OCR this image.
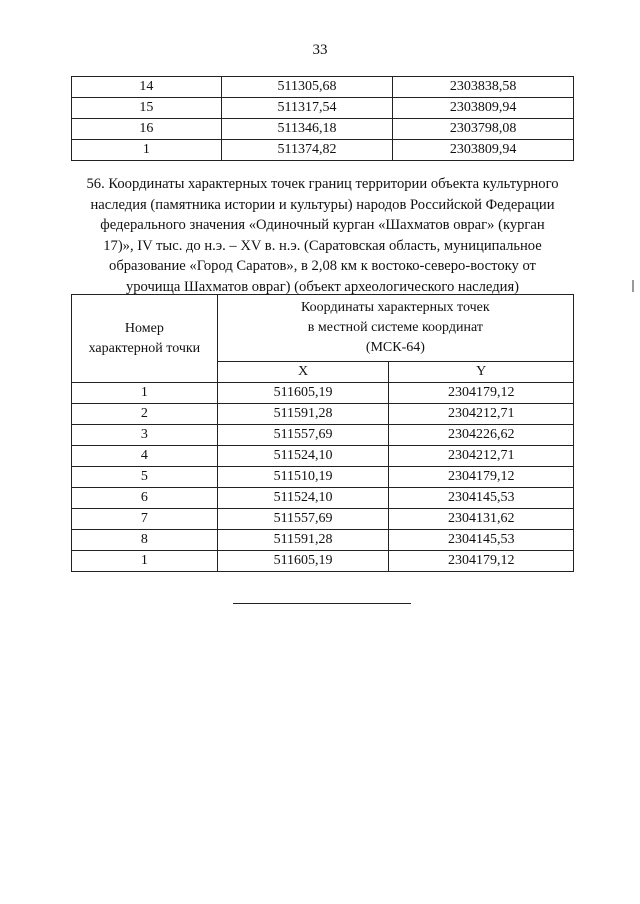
33
14	511305,68	2303838,58
15	511317,54	2303809,94
16	511346,18	2303798,08
1	511374,82	2303809,94
56. Координаты характерных точек границ территории объекта культурного
наследия (памятника истории и культуры) народов Российской Федерации
федерального значения «Одиночный курган «Шахматов овраг» (курган
17)», IV тыс. до н.э. – XV в. н.э. (Саратовская область, муниципальное
образование «Город Саратов», в 2,08 км к востоко-северо-востоку от
урочища Шахматов овраг) (объект археологического наследия)
Номер
характерной точки	Координаты характерных точек
в местной системе координат
(МСК-64)	

	X	Y
1	511605,19	2304179,12
2	511591,28	2304212,71
3	511557,69	2304226,62
4	511524,10	2304212,71
5	511510,19	2304179,12
6	511524,10	2304145,53
7	511557,69	2304131,62
8	511591,28	2304145,53
1	511605,19	2304179,12
